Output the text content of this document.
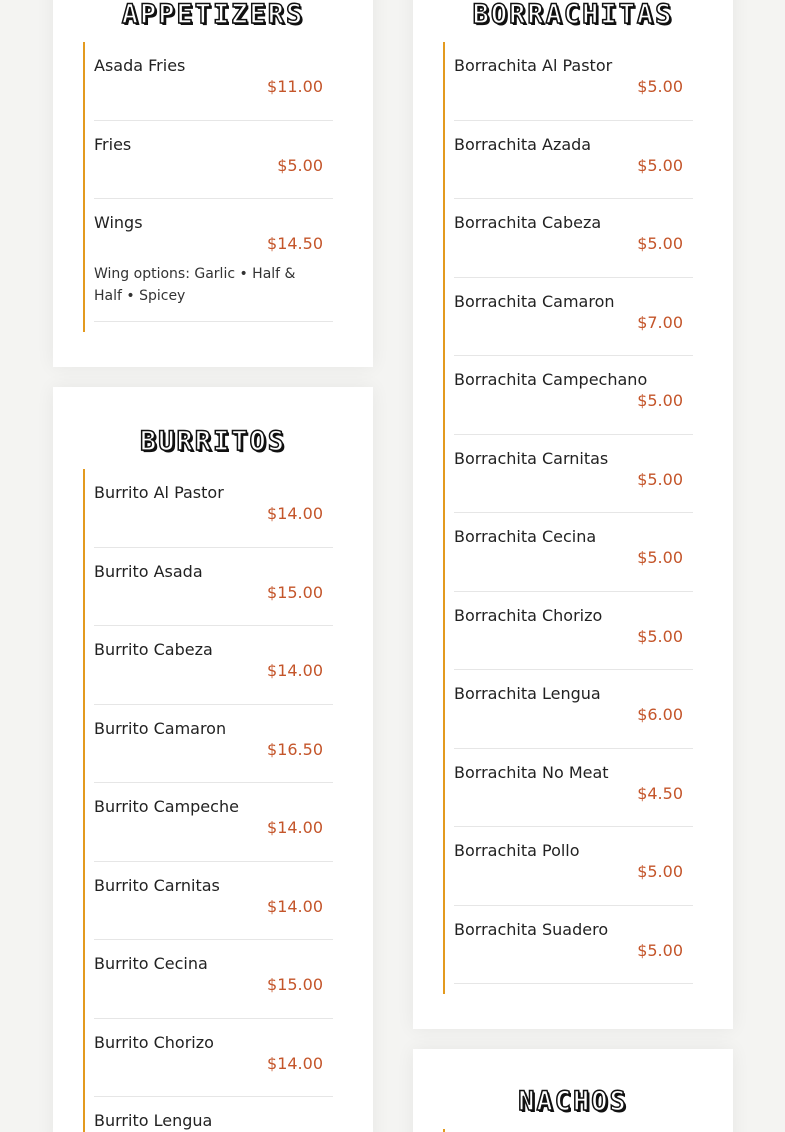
APPETIZERS
Asada Fries
$11.00
Fries
$5.00
Wings
$14.50
Wing options: Garlic • Half & Half • Spicey
BURRITOS
Burrito Al Pastor
$14.00
Burrito Asada
$15.00
Burrito Cabeza
$14.00
Burrito Camaron
$16.50
Burrito Campeche
$14.00
Burrito Carnitas
$14.00
Burrito Cecina
$15.00
Burrito Chorizo
$14.00
Burrito Lengua
BORRACHITAS
Borrachita Al Pastor
$5.00
Borrachita Azada
$5.00
Borrachita Cabeza
$5.00
Borrachita Camaron
$7.00
Borrachita Campechano
$5.00
Borrachita Carnitas
$5.00
Borrachita Cecina
$5.00
Borrachita Chorizo
$5.00
Borrachita Lengua
$6.00
Borrachita No Meat
$4.50
Borrachita Pollo
$5.00
Borrachita Suadero
$5.00
NACHOS
